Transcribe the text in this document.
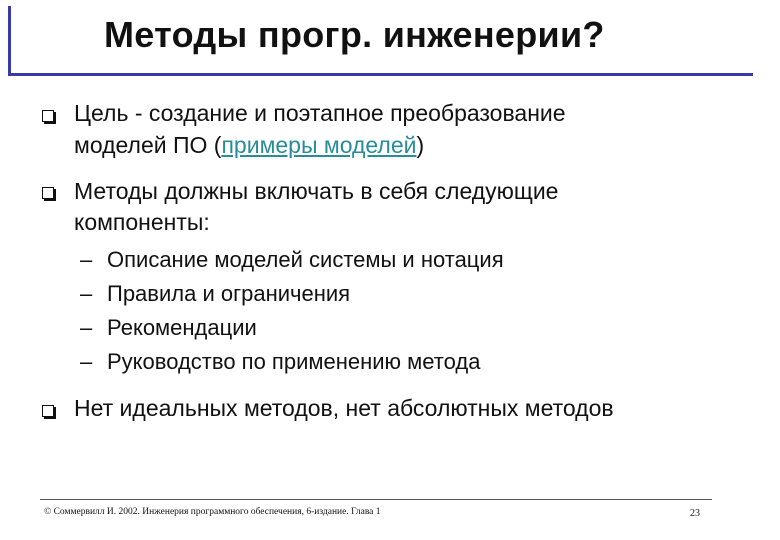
Методы прогр. инженерии?
Цель - создание и поэтапное преобразование
моделей ПО (примеры моделей)
Методы должны включать в себя следующие
компоненты:
– Описание моделей системы и нотация
– Правила и ограничения
– Рекомендации
– Руководство по применению метода
Нет идеальных методов, нет абсолютных методов
© Соммервилл И. 2002. Инженерия программного обеспечения, 6-издание. Глава 1	23
